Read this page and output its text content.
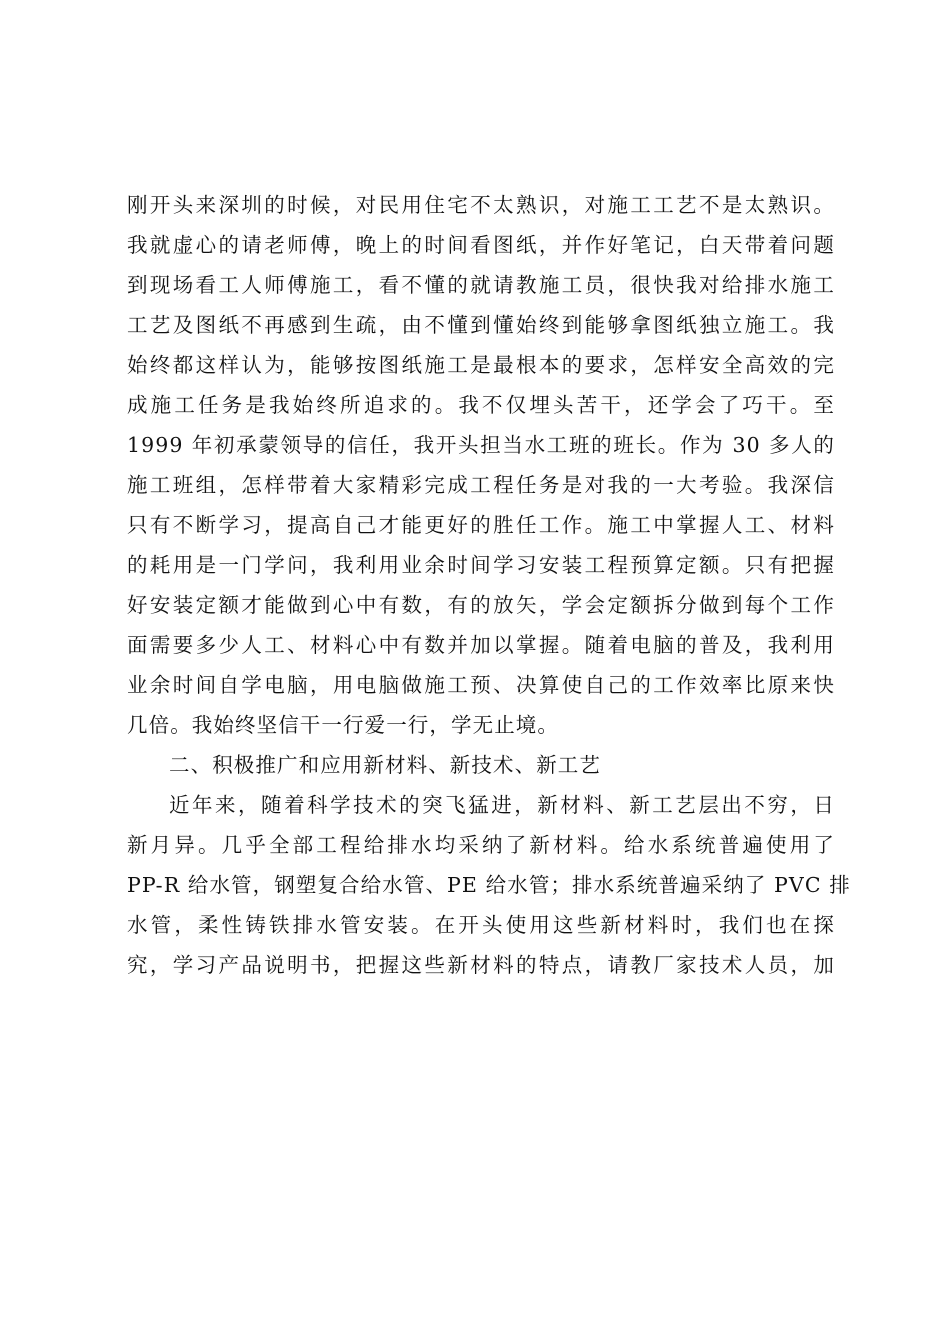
刚开头来深圳的时候，对民用住宅不太熟识，对施工工艺不是太熟识。
我就虚心的请老师傅，晚上的时间看图纸，并作好笔记，白天带着问题
到现场看工人师傅施工，看不懂的就请教施工员，很快我对给排水施工
工艺及图纸不再感到生疏，由不懂到懂始终到能够拿图纸独立施工。我
始终都这样认为，能够按图纸施工是最根本的要求，怎样安全高效的完
成施工任务是我始终所追求的。我不仅埋头苦干，还学会了巧干。至
1999 年初承蒙领导的信任，我开头担当水工班的班长。作为 30 多人的
施工班组，怎样带着大家精彩完成工程任务是对我的一大考验。我深信
只有不断学习，提高自己才能更好的胜任工作。施工中掌握人工、材料
的耗用是一门学问，我利用业余时间学习安装工程预算定额。只有把握
好安装定额才能做到心中有数，有的放矢，学会定额拆分做到每个工作
面需要多少人工、材料心中有数并加以掌握。随着电脑的普及，我利用
业余时间自学电脑，用电脑做施工预、决算使自己的工作效率比原来快
几倍。我始终坚信干一行爱一行，学无止境。
二、积极推广和应用新材料、新技术、新工艺
近年来，随着科学技术的突飞猛进，新材料、新工艺层出不穷，日
新月异。几乎全部工程给排水均采纳了新材料。给水系统普遍使用了
PP-R 给水管，钢塑复合给水管、PE 给水管；排水系统普遍采纳了 PVC 排
水管，柔性铸铁排水管安装。在开头使用这些新材料时，我们也在探
究，学习产品说明书，把握这些新材料的特点，请教厂家技术人员，加
